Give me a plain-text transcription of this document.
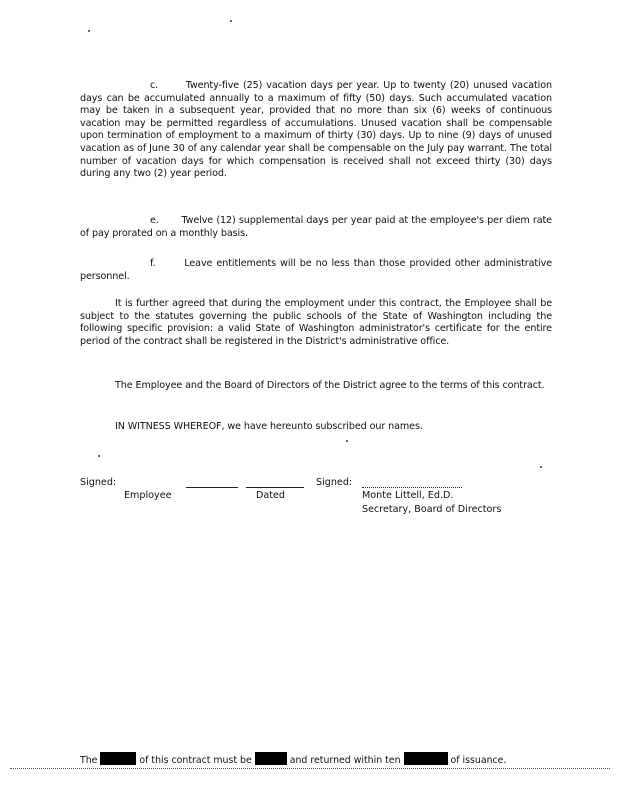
c.       Twenty-five (25) vacation days per year. Up to twenty (20) unused vacation days can be accumulated annually to a maximum of fifty (50) days. Such accumulated vacation may be taken in a subsequent year, provided that no more than six (6) weeks of continuous vacation may be permitted regardless of accumulations. Unused vacation shall be compensable upon termination of employment to a maximum of thirty (30) days. Up to nine (9) days of unused vacation as of June 30 of any calendar year shall be compensable on the July pay warrant. The total number of vacation days for which compensation is received shall not exceed thirty (30) days during any two (2) year period.

e.       Twelve (12) supplemental days per year paid at the employee's per diem rate of pay prorated on a monthly basis.

f.       Leave entitlements will be no less than those provided other administrative personnel.

It is further agreed that during the employment under this contract, the Employee shall be subject to the statutes governing the public schools of the State of Washington including the following specific provision: a valid State of Washington administrator's certificate for the entire period of the contract shall be registered in the District's administrative office.

The Employee and the Board of Directors of the District agree to the terms of this contract.

IN WITNESS WHEREOF, we have hereunto subscribed our names.

Signed:
Employee	Dated
Signed:
Monte Littell, Ed.D.
Secretary, Board of Directors
The	of this contract must be	and returned within ten	of issuance.
